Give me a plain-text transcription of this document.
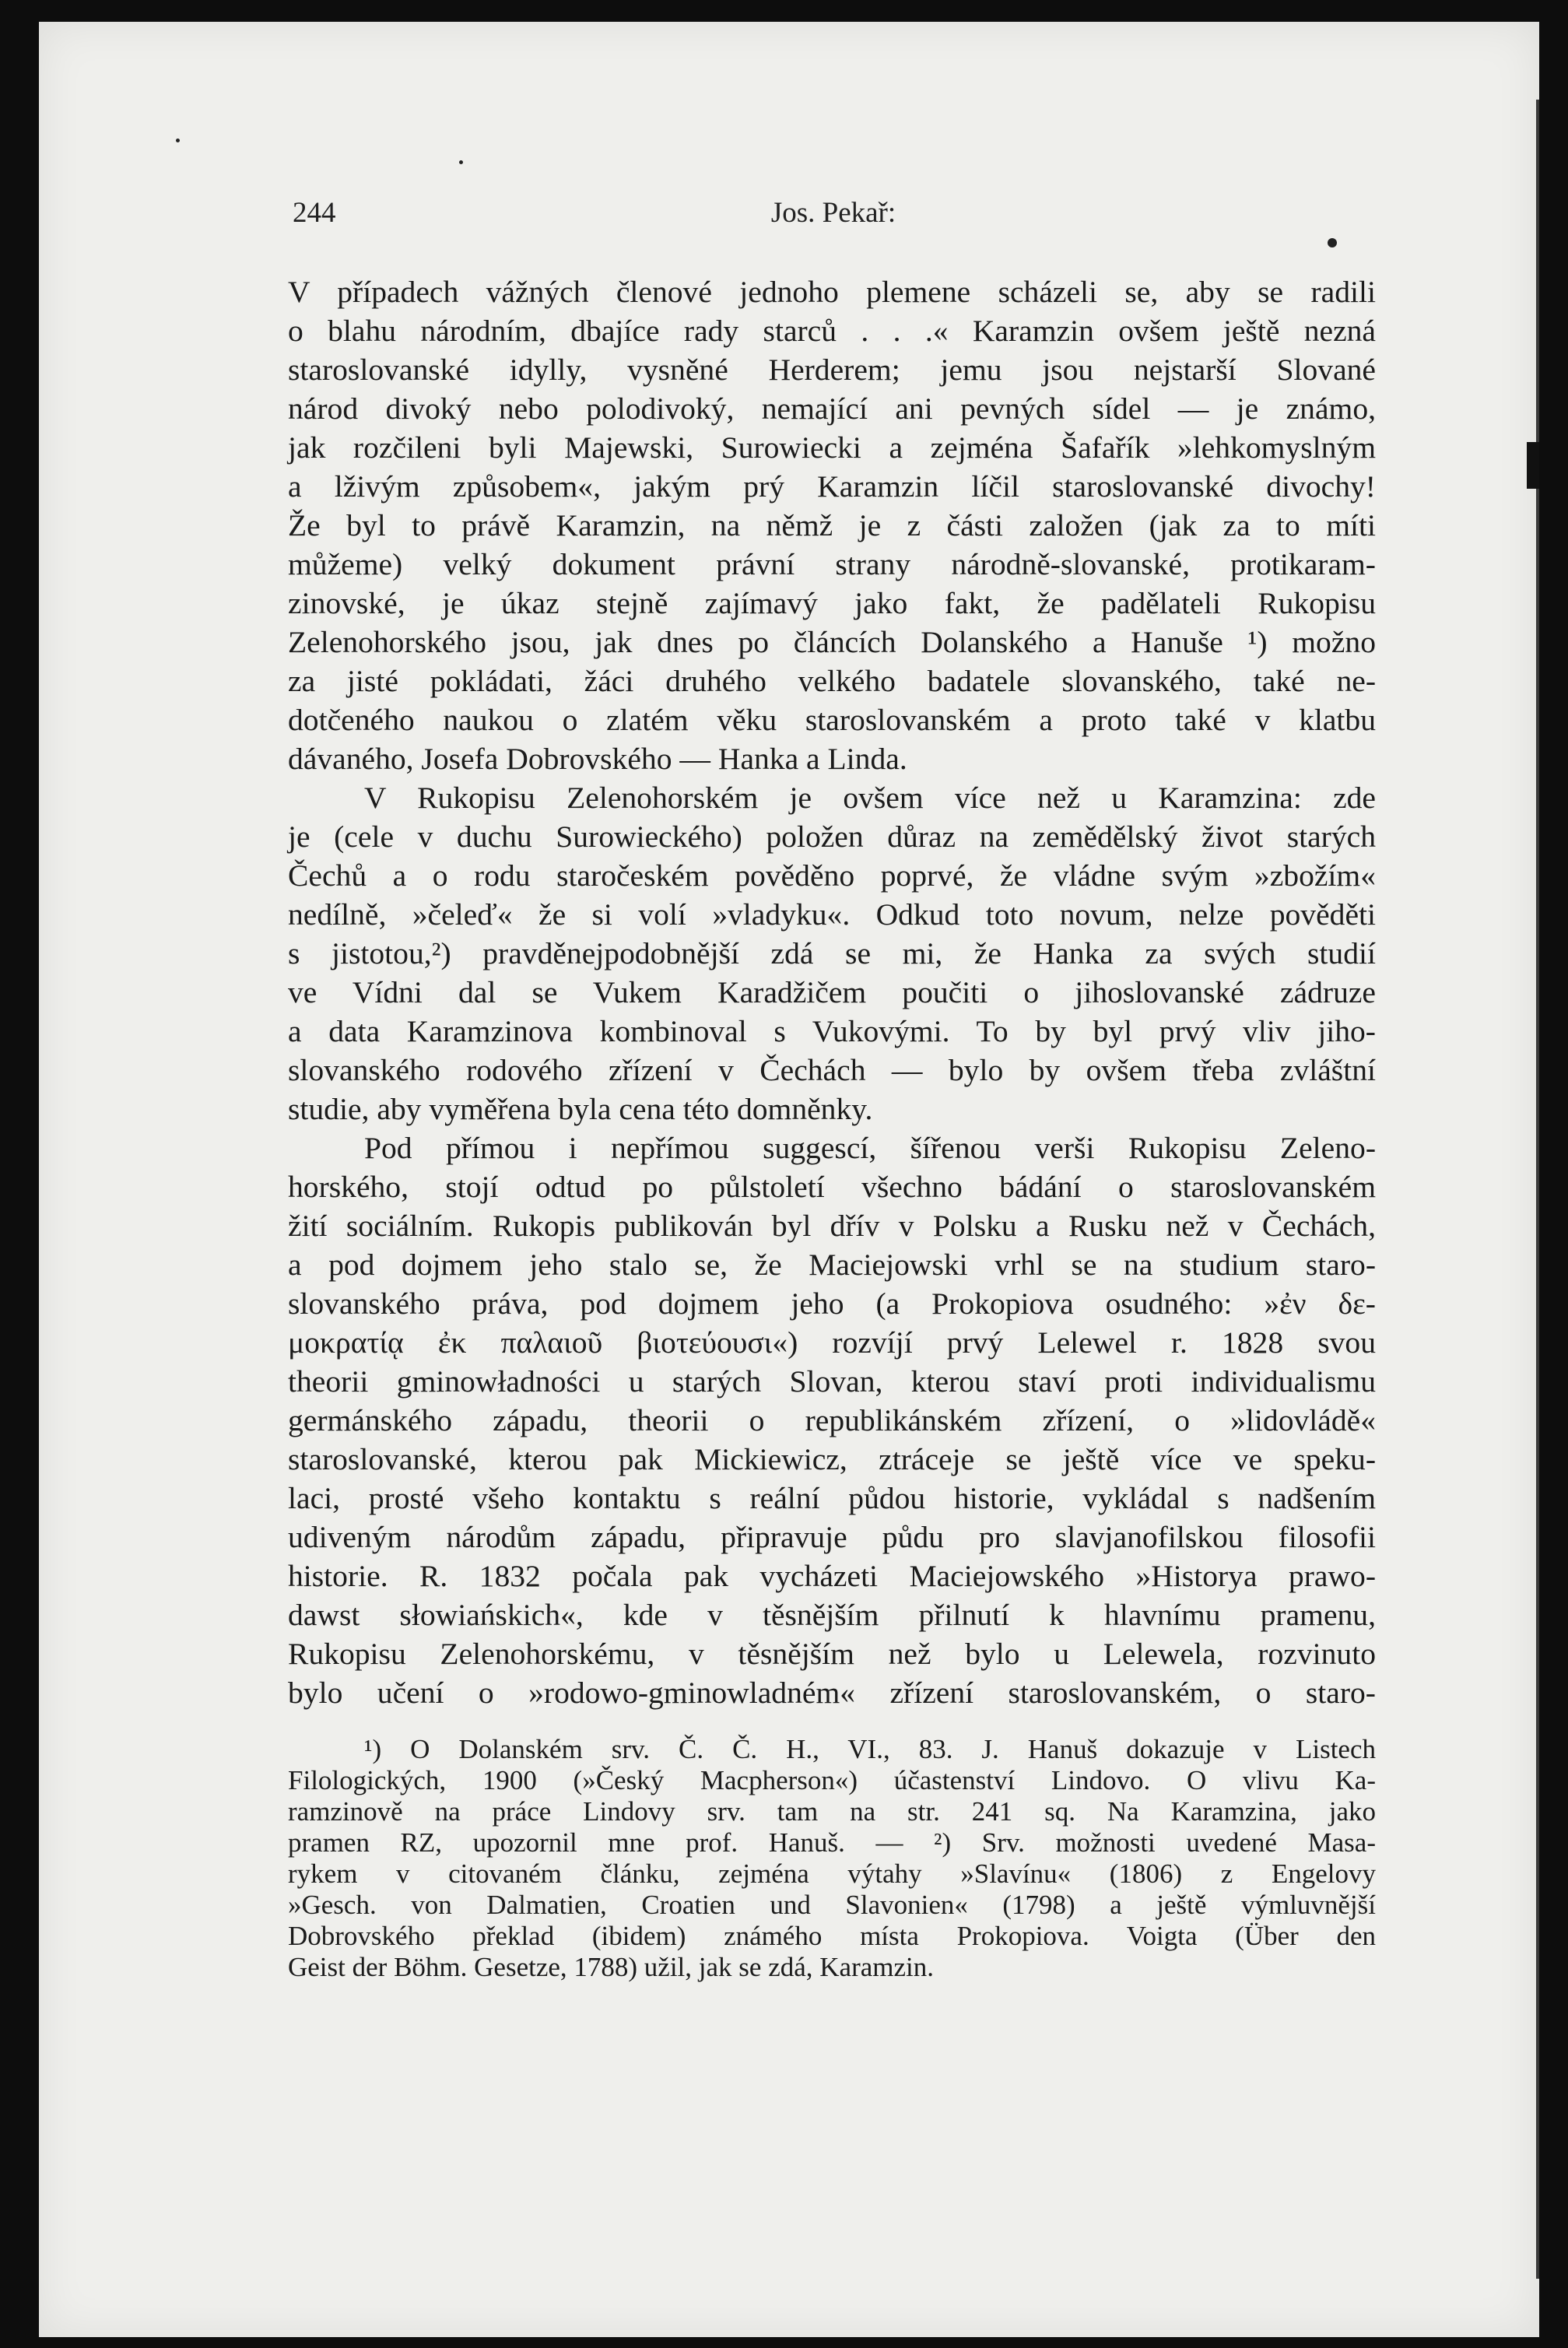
244	Jos. Pekař:
V případech vážných členové jednoho plemene scházeli se, aby se radili
o blahu národním, dbajíce rady starců . . .« Karamzin ovšem ještě nezná
staroslovanské idylly, vysněné Herderem; jemu jsou nejstarší Slované
národ divoký nebo polodivoký, nemající ani pevných sídel — je známo,
jak rozčileni byli Majewski, Surowiecki a zejména Šafařík »lehkomyslným
a lživým způsobem«, jakým prý Karamzin líčil staroslovanské divochy!
Že byl to právě Karamzin, na němž je z části založen (jak za to míti
můžeme) velký dokument právní strany národně-slovanské, protikaram-
zinovské, je úkaz stejně zajímavý jako fakt, že padělateli Rukopisu
Zelenohorského jsou, jak dnes po článcích Dolanského a Hanuše ¹) možno
za jisté pokládati, žáci druhého velkého badatele slovanského, také ne-
dotčeného naukou o zlatém věku staroslovanském a proto také v klatbu
dávaného, Josefa Dobrovského — Hanka a Linda.
V Rukopisu Zelenohorském je ovšem více než u Karamzina: zde
je (cele v duchu Surowieckého) položen důraz na zemědělský život starých
Čechů a o rodu staročeském pověděno poprvé, že vládne svým »zbožím«
nedílně, »čeleď« že si volí »vladyku«. Odkud toto novum, nelze pověděti
s jistotou,²) pravděnejpodobnější zdá se mi, že Hanka za svých studií
ve Vídni dal se Vukem Karadžičem poučiti o jihoslovanské zádruze
a data Karamzinova kombinoval s Vukovými. To by byl prvý vliv jiho-
slovanského rodového zřízení v Čechách — bylo by ovšem třeba zvláštní
studie, aby vyměřena byla cena této domněnky.
Pod přímou i nepřímou suggescí, šířenou verši Rukopisu Zeleno-
horského, stojí odtud po půlstoletí všechno bádání o staroslovanském
žití sociálním. Rukopis publikován byl dřív v Polsku a Rusku než v Čechách,
a pod dojmem jeho stalo se, že Maciejowski vrhl se na studium staro-
slovanského práva, pod dojmem jeho (a Prokopiova osudného: »ἐν δε-
μοκρατίᾳ ἐκ παλαιοῦ βιοτεύουσι«) rozvíjí prvý Lelewel r. 1828 svou
theorii gminowładności u starých Slovan, kterou staví proti individualismu
germánského západu, theorii o republikánském zřízení, o »lidovládě«
staroslovanské, kterou pak Mickiewicz, ztráceje se ještě více ve speku-
laci, prosté všeho kontaktu s reální půdou historie, vykládal s nadšením
udiveným národům západu, připravuje půdu pro slavjanofilskou filosofii
historie. R. 1832 počala pak vycházeti Maciejowského »Historya prawo-
dawst słowiańskich«, kde v těsnějším přilnutí k hlavnímu pramenu,
Rukopisu Zelenohorskému, v těsnějším než bylo u Lelewela, rozvinuto
bylo učení o »rodowo-gminowladném« zřízení staroslovanském, o staro-
¹) O Dolanském srv. Č. Č. H., VI., 83. J. Hanuš dokazuje v Listech
Filologických, 1900 (»Český Macpherson«) účastenství Lindovo. O vlivu Ka-
ramzinově na práce Lindovy srv. tam na str. 241 sq. Na Karamzina, jako
pramen RZ, upozornil mne prof. Hanuš. — ²) Srv. možnosti uvedené Masa-
rykem v citovaném článku, zejména výtahy »Slavínu« (1806) z Engelovy
»Gesch. von Dalmatien, Croatien und Slavonien« (1798) a ještě výmluvnější
Dobrovského překlad (ibidem) známého místa Prokopiova. Voigta (Über den
Geist der Böhm. Gesetze, 1788) užil, jak se zdá, Karamzin.
